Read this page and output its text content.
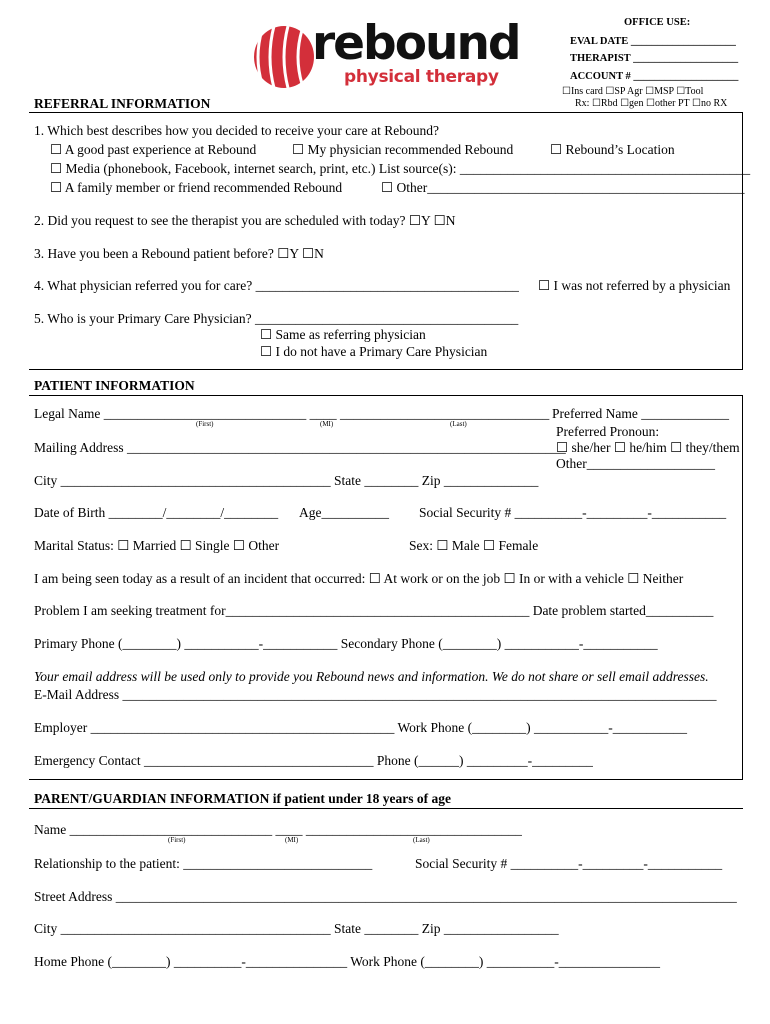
rebound
physical therapy
OFFICE USE:
EVAL DATE ____________________
THERAPIST ____________________
ACCOUNT # ____________________
☐Ins card ☐SP Agr ☐MSP ☐Tool
Rx: ☐Rbd ☐gen ☐other PT ☐no RX
REFERRAL INFORMATION
1. Which best describes how you decided to receive your care at Rebound?
☐ A good past experience at Rebound	☐ My physician recommended Rebound	☐ Rebound’s Location
☐ Media (phonebook, Facebook, internet search, print, etc.) List source(s): ___________________________________________
☐ A family member or friend recommended Rebound	☐ Other_______________________________________________
2. Did you request to see the therapist you are scheduled with today? ☐Y ☐N
3. Have you been a Rebound patient before? ☐Y ☐N
4. What physician referred you for care? _______________________________________ ☐ I was not referred by a physician
5. Who is your Primary Care Physician? _______________________________________
☐ Same as referring physician
☐ I do not have a Primary Care Physician
PATIENT INFORMATION
Legal Name ______________________________ ____ _______________________________
(First)	(MI)	(Last)
Preferred Name _____________
Preferred Pronoun:
☐ she/her ☐ he/him ☐ they/them
Other___________________
Mailing Address _________________________________________________________________
City ________________________________________ State ________ Zip ______________
Date of Birth ________/________/________ Age__________ Social Security # __________-_________-___________
Marital Status: ☐ Married ☐ Single ☐ Other	Sex: ☐ Male ☐ Female
I am being seen today as a result of an incident that occurred: ☐ At work or on the job ☐ In or with a vehicle ☐ Neither
Problem I am seeking treatment for_____________________________________________ Date problem started__________
Primary Phone (________) ___________-___________ Secondary Phone (________) ___________-___________
Your email address will be used only to provide you Rebound news and information. We do not share or sell email addresses.
E-Mail Address ________________________________________________________________________________________
Employer _____________________________________________ Work Phone (________) ___________-___________
Emergency Contact __________________________________ Phone (______) _________-_________
PARENT/GUARDIAN INFORMATION if patient under 18 years of age
Name ______________________________ ____ ________________________________
(First)	(MI)	(Last)
Relationship to the patient: ____________________________	Social Security # __________-_________-___________
Street Address ____________________________________________________________________________________________
City ________________________________________ State ________ Zip _________________
Home Phone (________) __________-_______________ Work Phone (________) __________-_______________
